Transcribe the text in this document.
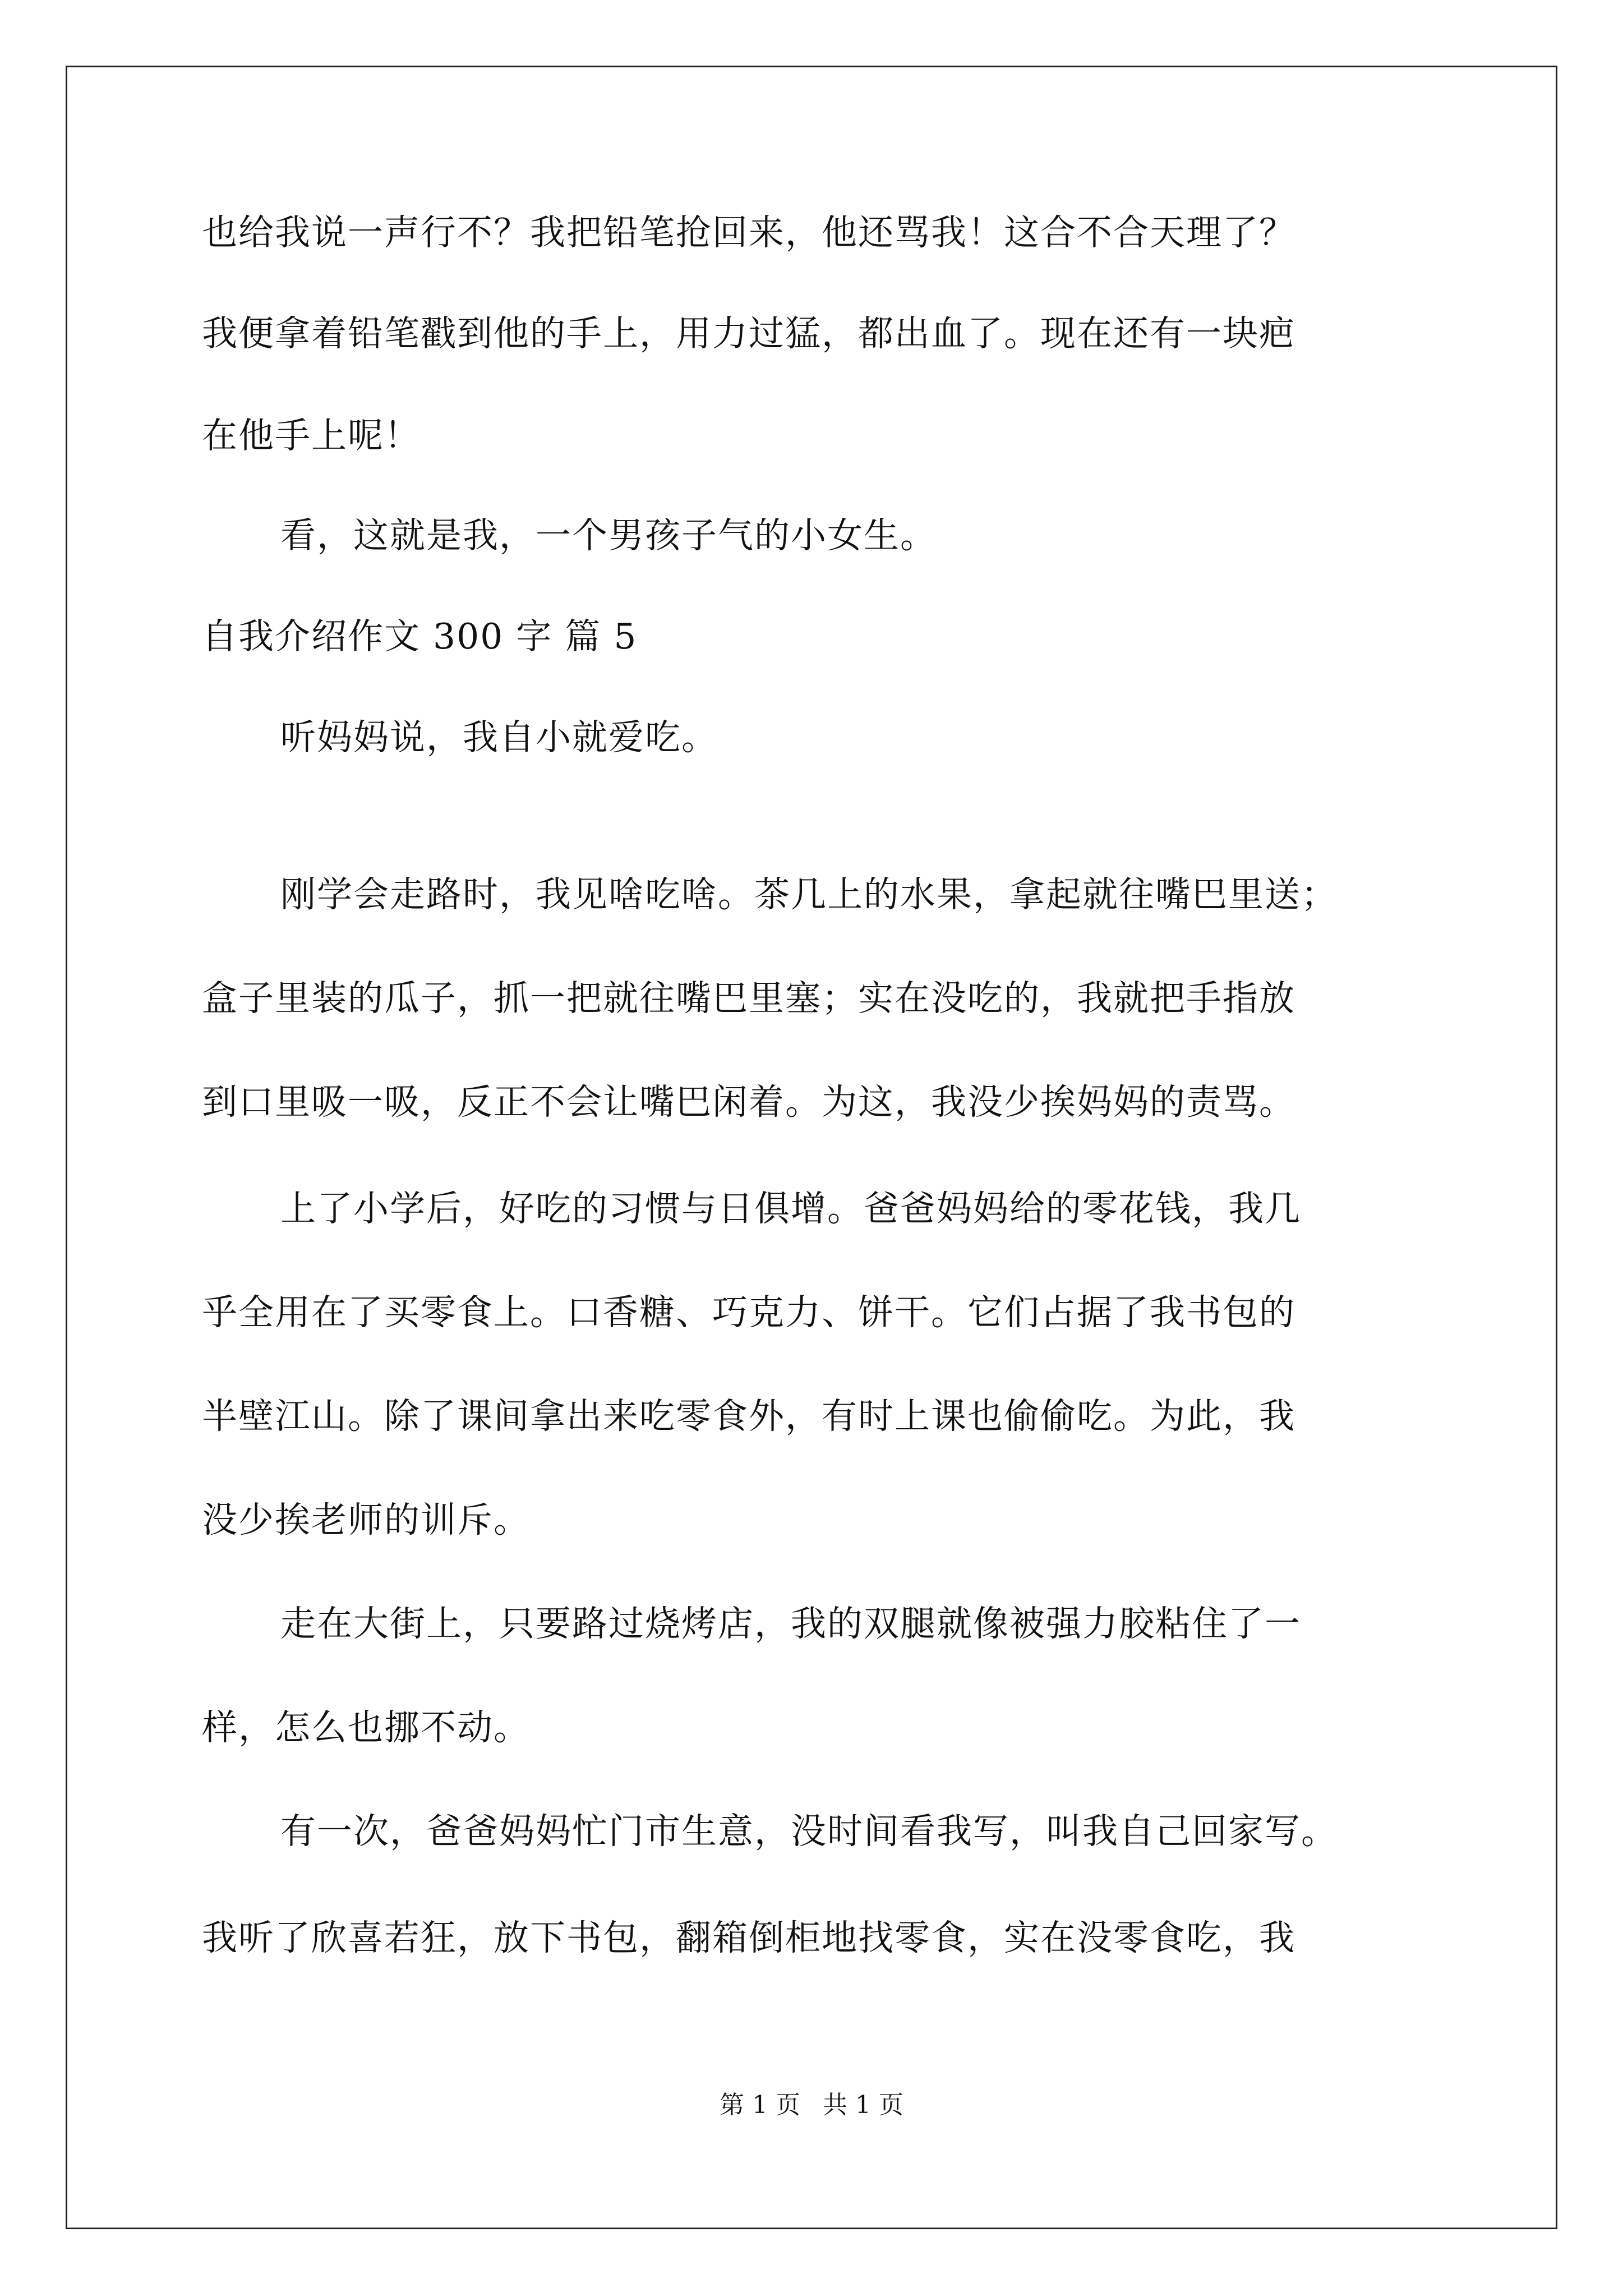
也给我说一声行不？我把铅笔抢回来，他还骂我！这合不合天理了？
我便拿着铅笔戳到他的手上，用力过猛，都出血了。现在还有一块疤
在他手上呢！
看，这就是我，一个男孩子气的小女生。
自我介绍作文 300 字 篇 5
听妈妈说，我自小就爱吃。
刚学会走路时，我见啥吃啥。茶几上的水果，拿起就往嘴巴里送；
盒子里装的瓜子，抓一把就往嘴巴里塞；实在没吃的，我就把手指放
到口里吸一吸，反正不会让嘴巴闲着。为这，我没少挨妈妈的责骂。
上了小学后，好吃的习惯与日俱增。爸爸妈妈给的零花钱，我几
乎全用在了买零食上。口香糖、巧克力、饼干。它们占据了我书包的
半壁江山。除了课间拿出来吃零食外，有时上课也偷偷吃。为此，我
没少挨老师的训斥。
走在大街上，只要路过烧烤店，我的双腿就像被强力胶粘住了一
样，怎么也挪不动。
有一次，爸爸妈妈忙门市生意，没时间看我写，叫我自己回家写。
我听了欣喜若狂，放下书包，翻箱倒柜地找零食，实在没零食吃，我
第 1 页 共 1 页
